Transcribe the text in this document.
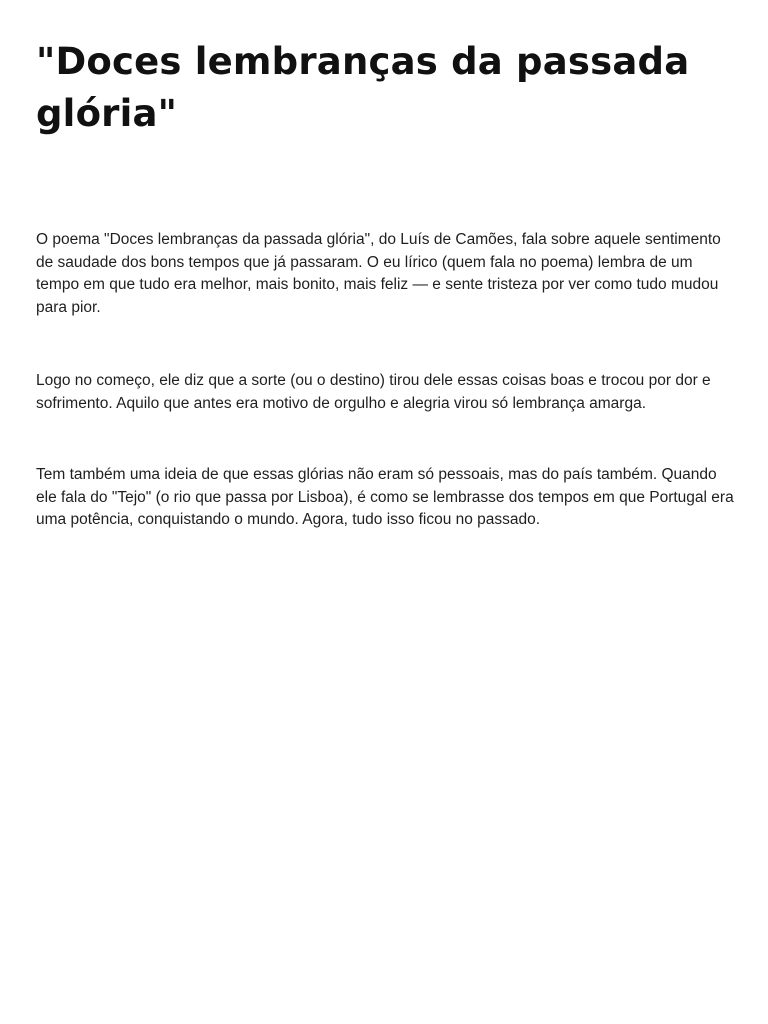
"Doces lembranças da passada glória"

O poema "Doces lembranças da passada glória", do Luís de Camões, fala sobre aquele sentimento de saudade dos bons tempos que já passaram. O eu lírico (quem fala no poema) lembra de um tempo em que tudo era melhor, mais bonito, mais feliz — e sente tristeza por ver como tudo mudou para pior.

Logo no começo, ele diz que a sorte (ou o destino) tirou dele essas coisas boas e trocou por dor e sofrimento. Aquilo que antes era motivo de orgulho e alegria virou só lembrança amarga.

Tem também uma ideia de que essas glórias não eram só pessoais, mas do país também. Quando ele fala do "Tejo" (o rio que passa por Lisboa), é como se lembrasse dos tempos em que Portugal era uma potência, conquistando o mundo. Agora, tudo isso ficou no passado.
